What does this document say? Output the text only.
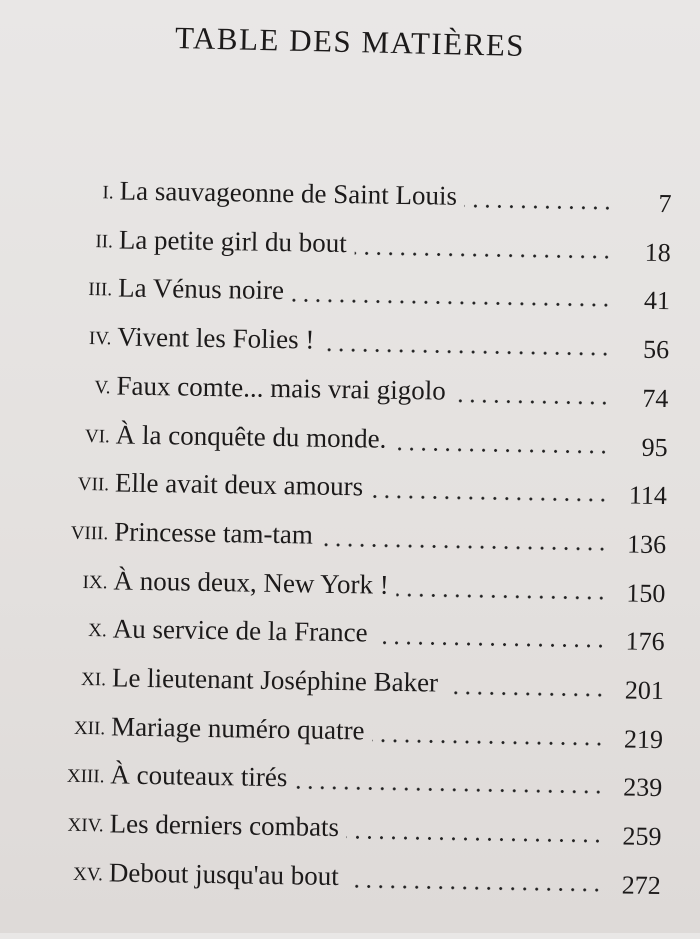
TABLE DES MATIÈRES
I. La sauvageonne de Saint Louis	7
II. La petite girl du bout	18
III. La Vénus noire	41
IV. Vivent les Folies !	56
V. Faux comte... mais vrai gigolo	74
VI. À la conquête du monde.	95
VII. Elle avait deux amours	114
VIII. Princesse tam-tam	136
IX. À nous deux, New York !	150
X. Au service de la France	176
XI. Le lieutenant Joséphine Baker	201
XII. Mariage numéro quatre	219
XIII. À couteaux tirés	239
XIV. Les derniers combats	259
XV. Debout jusqu'au bout	272
